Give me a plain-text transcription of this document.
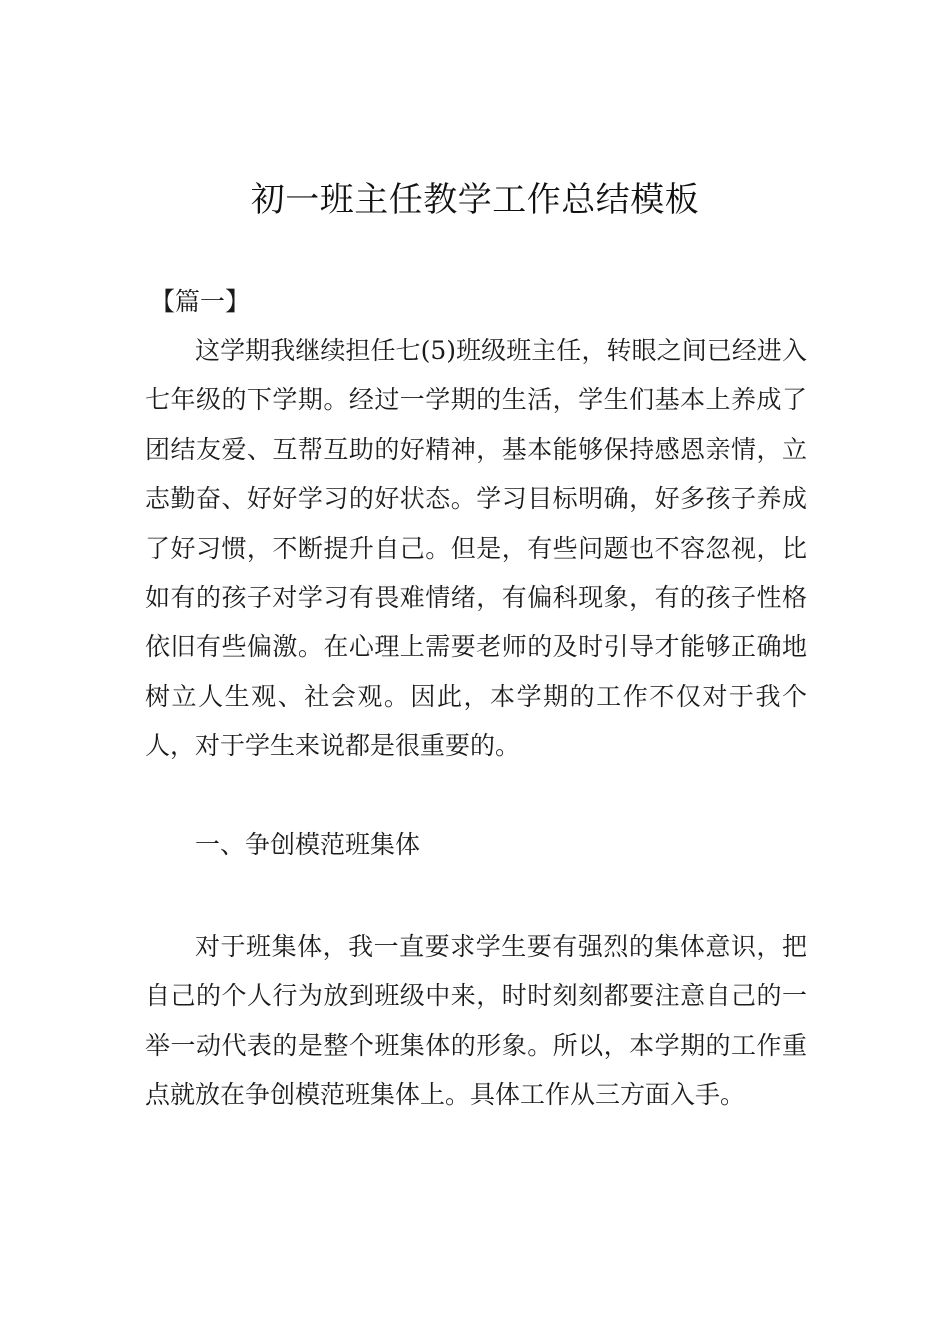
初一班主任教学工作总结模板

【篇一】

这学期我继续担任七(5)班级班主任，转眼之间已经进入七年级的下学期。经过一学期的生活，学生们基本上养成了团结友爱、互帮互助的好精神，基本能够保持感恩亲情，立志勤奋、好好学习的好状态。学习目标明确，好多孩子养成了好习惯，不断提升自己。但是，有些问题也不容忽视，比如有的孩子对学习有畏难情绪，有偏科现象，有的孩子性格依旧有些偏激。在心理上需要老师的及时引导才能够正确地树立人生观、社会观。因此，本学期的工作不仅对于我个人，对于学生来说都是很重要的。

一、争创模范班集体

对于班集体，我一直要求学生要有强烈的集体意识，把自己的个人行为放到班级中来，时时刻刻都要注意自己的一举一动代表的是整个班集体的形象。所以，本学期的工作重点就放在争创模范班集体上。具体工作从三方面入手。
